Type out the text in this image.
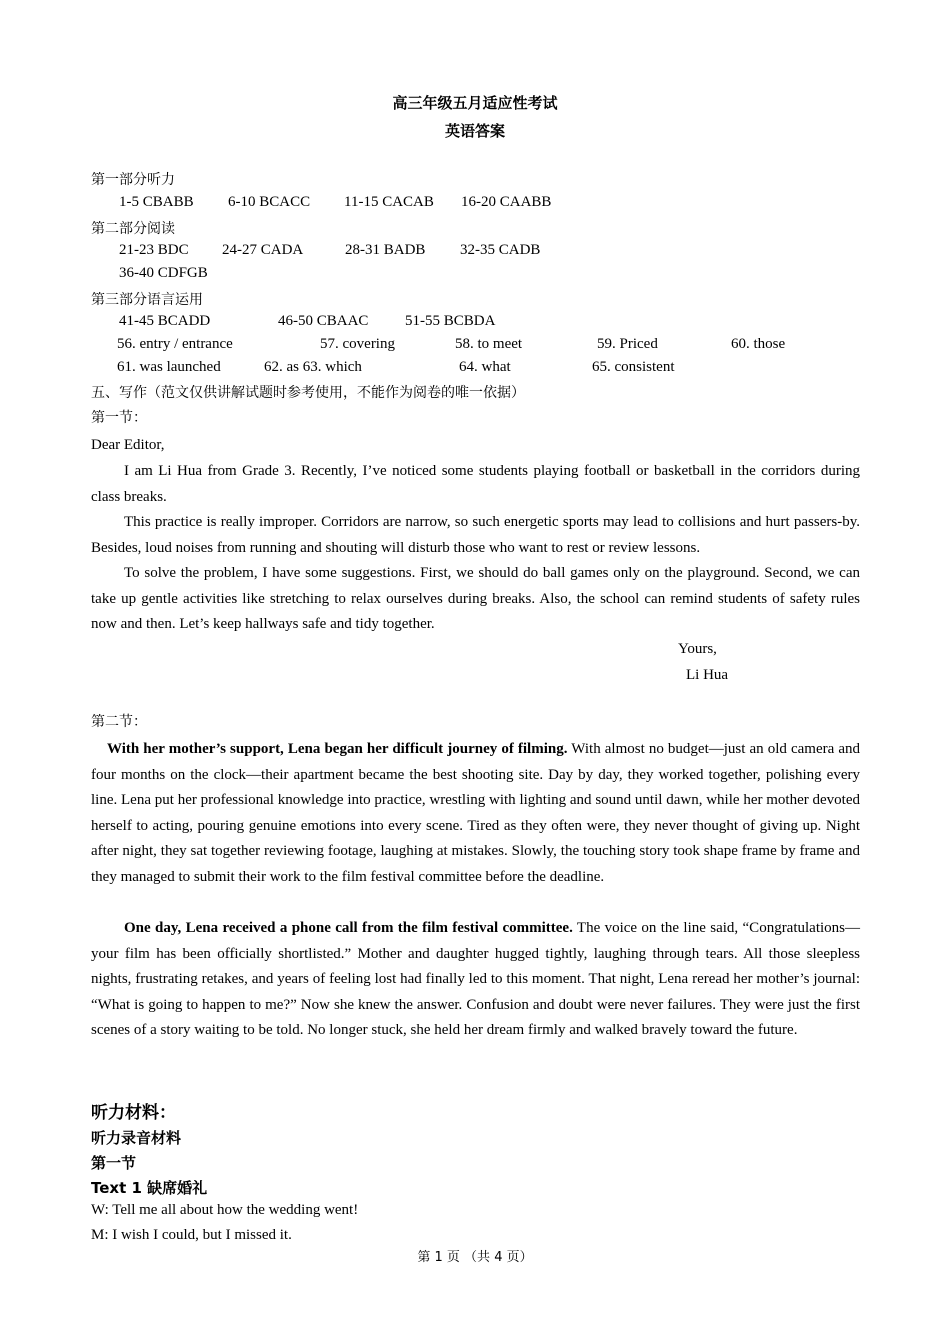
高三年级五月适应性考试
英语答案
第一部分听力
1-5 CBABB 6-10 BCACC 11-15 CACAB 16-20 CAABB
第二部分阅读
21-23 BDC 24-27 CADA	28-31 BADB 32-35 CADB
36-40 CDFGB
第三部分语言运用
41-45 BCADD	46-50 CBAAC 51-55 BCBDA
56. entry / entrance	57. covering	58. to meet	59. Priced	60. those
61. was launched	62. as 63. which	64. what	65. consistent
五、写作（范文仅供讲解试题时参考使用，不能作为阅卷的唯一依据）
第一节：
Dear Editor,
I am Li Hua from Grade 3. Recently, I’ve noticed some students playing football or basketball in the corridors during class breaks.
This practice is really improper. Corridors are narrow, so such energetic sports may lead to collisions and hurt passers-by. Besides, loud noises from running and shouting will disturb those who want to rest or review lessons.
To solve the problem, I have some suggestions. First, we should do ball games only on the playground. Second, we can take up gentle activities like stretching to relax ourselves during breaks. Also, the school can remind students of safety rules now and then. Let’s keep hallways safe and tidy together.
Yours,
Li Hua
第二节：
With her mother’s support, Lena began her difficult journey of filming. With almost no budget—just an old camera and four months on the clock—their apartment became the best shooting site. Day by day, they worked together, polishing every line. Lena put her professional knowledge into practice, wrestling with lighting and sound until dawn, while her mother devoted herself to acting, pouring genuine emotions into every scene. Tired as they often were, they never thought of giving up. Night after night, they sat together reviewing footage, laughing at mistakes. Slowly, the touching story took shape frame by frame and they managed to submit their work to the film festival committee before the deadline.
One day, Lena received a phone call from the film festival committee. The voice on the line said, “Congratulations—your film has been officially shortlisted.” Mother and daughter hugged tightly, laughing through tears. All those sleepless nights, frustrating retakes, and years of feeling lost had finally led to this moment. That night, Lena reread her mother’s journal: “What is going to happen to me?” Now she knew the answer. Confusion and doubt were never failures. They were just the first scenes of a story waiting to be told. No longer stuck, she held her dream firmly and walked bravely toward the future.
听力材料：
听力录音材料
第一节
Text 1 缺席婚礼
W: Tell me all about how the wedding went!
M: I wish I could, but I missed it.
第 1 页 （共 4 页）
